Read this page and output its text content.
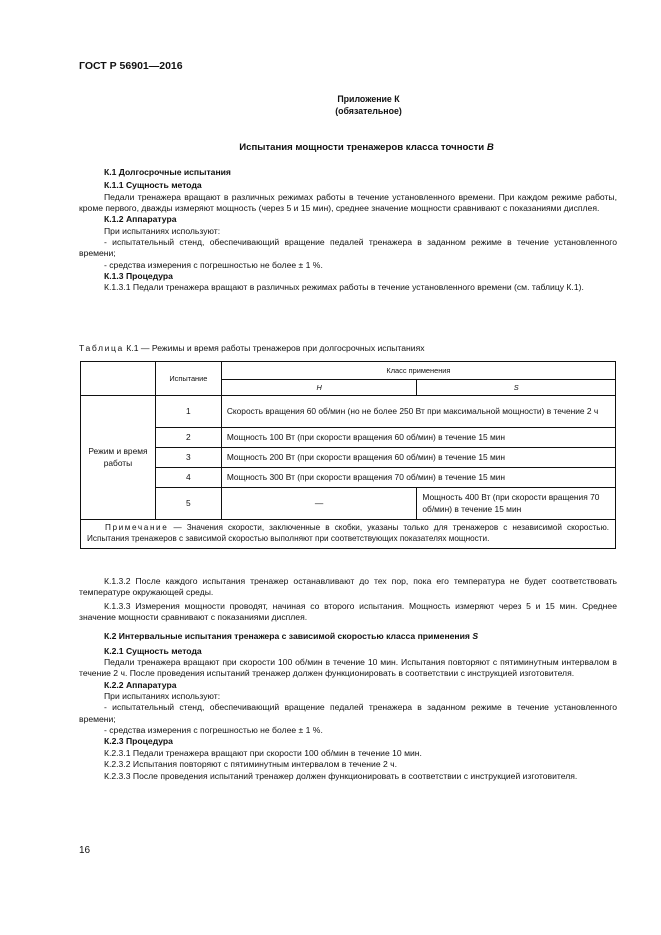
ГОСТ Р 56901—2016
Приложение К
(обязательное)
Испытания мощности тренажеров класса точности В

К.1 Долгосрочные испытания

К.1.1 Сущность метода

Педали тренажера вращают в различных режимах работы в течение установленного времени. При каждом режиме работы, кроме первого, дважды измеряют мощность (через 5 и 15 мин), среднее значение мощности сравнивают с показаниями дисплея.

К.1.2 Аппаратура

При испытаниях используют:

- испытательный стенд, обеспечивающий вращение педалей тренажера в заданном режиме в течение установленного времени;

- средства измерения с погрешностью не более ± 1 %.

К.1.3 Процедура

К.1.3.1 Педали тренажера вращают в различных режимах работы в течение установленного времени (см. таблицу К.1).

Таблица К.1 — Режимы и время работы тренажеров при долгосрочных испытаниях
	Испытание	Класс применения	
		Н	S
Режим и время работы	1	Скорость вращения 60 об/мин (но не более 250 Вт при максимальной мощности) в течение 2 ч	
	2	Мощность 100 Вт (при скорости вращения 60 об/мин) в течение 15 мин	
	3	Мощность 200 Вт (при скорости вращения 60 об/мин) в течение 15 мин	
	4	Мощность 300 Вт (при скорости вращения 70 об/мин) в течение 15 мин	
	5	—	Мощность 400 Вт (при скорости вращения 70 об/мин) в течение 15 мин
Примечание — Значения скорости, заключенные в скобки, указаны только для тренажеров с независимой скоростью. Испытания тренажеров с зависимой скоростью выполняют при соответствующих показателях мощности.			

К.1.3.2 После каждого испытания тренажер останавливают до тех пор, пока его температура не будет соответствовать температуре окружающей среды.

К.1.3.3 Измерения мощности проводят, начиная со второго испытания. Мощность измеряют через 5 и 15 мин. Среднее значение мощности сравнивают с показаниями дисплея.

К.2 Интервальные испытания тренажера с зависимой скоростью класса применения S

К.2.1 Сущность метода

Педали тренажера вращают при скорости 100 об/мин в течение 10 мин. Испытания повторяют с пятиминутным интервалом в течение 2 ч. После проведения испытаний тренажер должен функционировать в соответствии с инструкцией изготовителя.

К.2.2 Аппаратура

При испытаниях используют:

- испытательный стенд, обеспечивающий вращение педалей тренажера в заданном режиме в течение установленного времени;

- средства измерения с погрешностью не более ± 1 %.

К.2.3 Процедура

К.2.3.1 Педали тренажера вращают при скорости 100 об/мин в течение 10 мин.

К.2.3.2 Испытания повторяют с пятиминутным интервалом в течение 2 ч.

К.2.3.3 После проведения испытаний тренажер должен функционировать в соответствии с инструкцией изготовителя.

16
